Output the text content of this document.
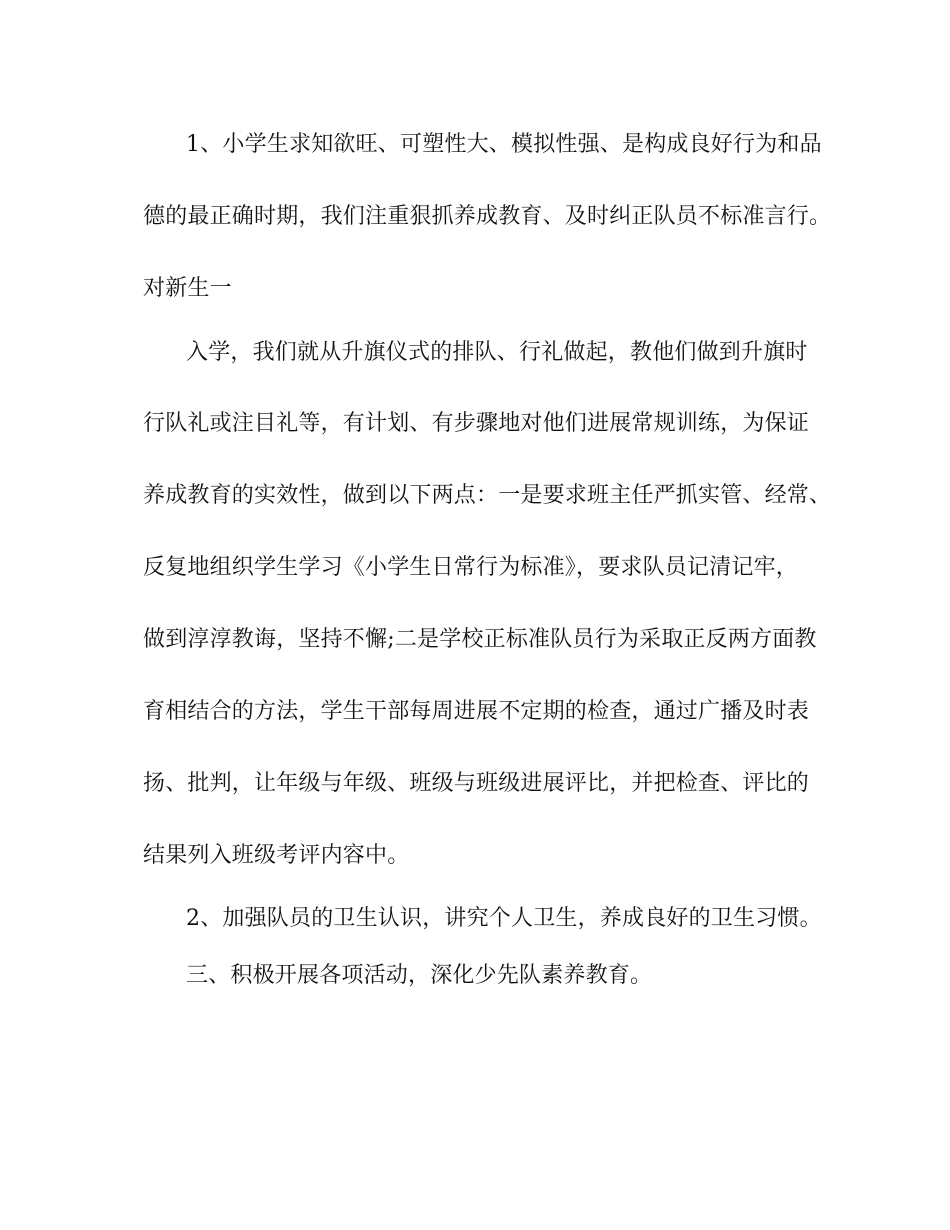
1、小学生求知欲旺、可塑性大、模拟性强、是构成良好行为和品
德的最正确时期，我们注重狠抓养成教育、及时纠正队员不标准言行。
对新生一
入学，我们就从升旗仪式的排队、行礼做起，教他们做到升旗时
行队礼或注目礼等，有计划、有步骤地对他们进展常规训练，为保证
养成教育的实效性，做到以下两点：一是要求班主任严抓实管、经常、
反复地组织学生学习《小学生日常行为标准》，要求队员记清记牢，
做到淳淳教诲，坚持不懈;二是学校正标准队员行为采取正反两方面教
育相结合的方法，学生干部每周进展不定期的检查，通过广播及时表
扬、批判，让年级与年级、班级与班级进展评比，并把检查、评比的
结果列入班级考评内容中。
2、加强队员的卫生认识，讲究个人卫生，养成良好的卫生习惯。
三、积极开展各项活动，深化少先队素养教育。
